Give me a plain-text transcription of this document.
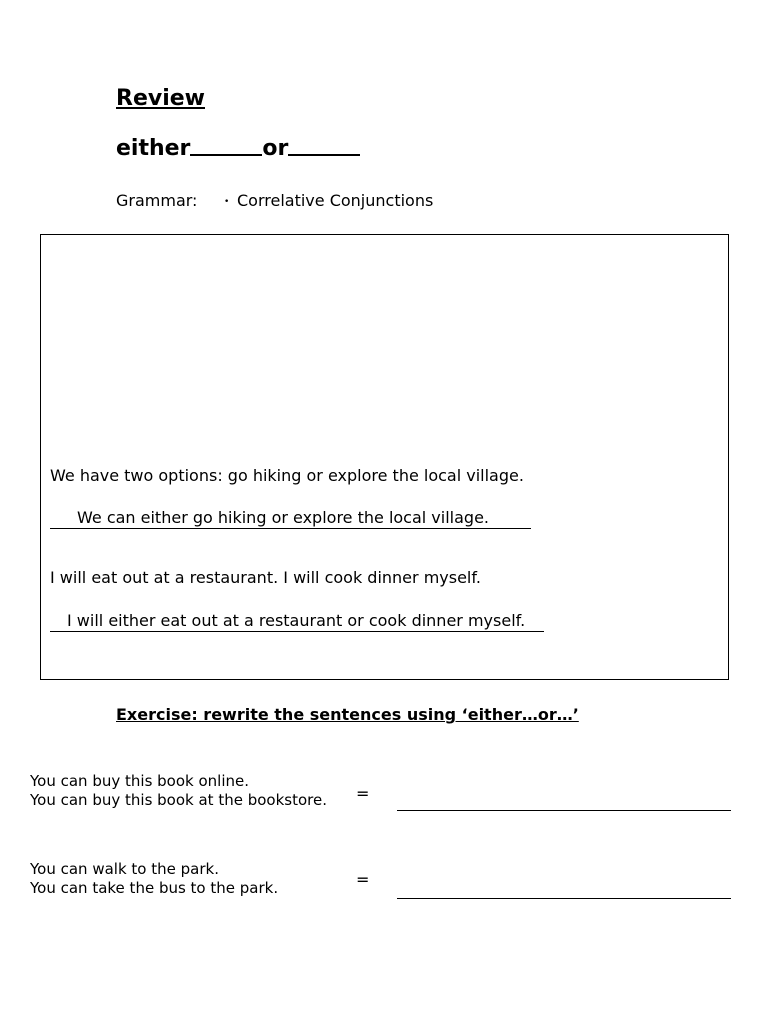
Review
either	or
Grammar:	• Correlative Conjunctions
We have two options: go hiking or explore the local village.
We can either go hiking or explore the local village.
I will eat out at a restaurant. I will cook dinner myself.
I will either eat out at a restaurant or cook dinner myself.
Exercise: rewrite the sentences using ‘either…or…’
You can buy this book online.
You can buy this book at the bookstore. =
You can walk to the park.
You can take the bus to the park.	=
